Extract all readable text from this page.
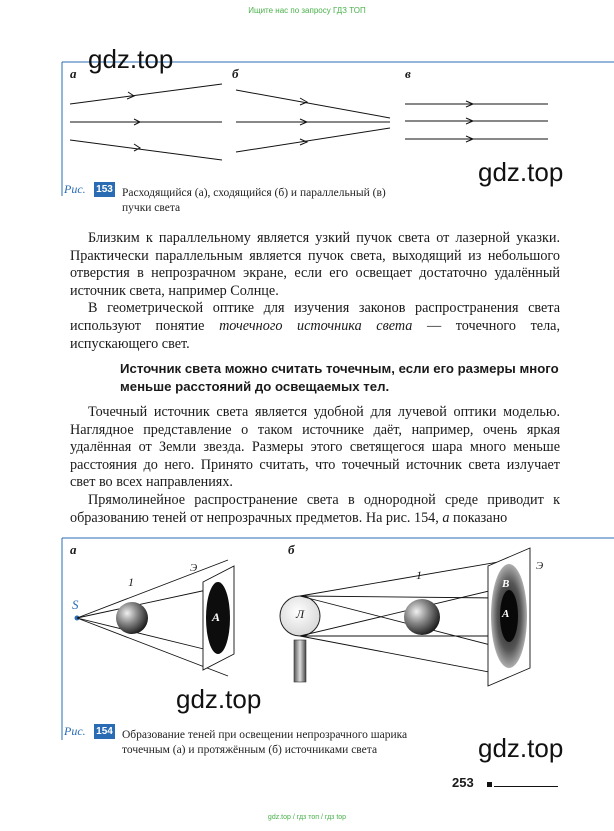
Ищите нас по запросу ГДЗ ТОП
а	б	в
gdz.top
gdz.top
Рис. 153 Расходящийся (а), сходящийся (б) и параллельный (в)
пучки света

Близким к параллельному является узкий пучок света от лазерной указки. Практически параллельным является пучок света, выходящий из небольшого отверстия в непрозрачном экране, если его освещает достаточно удалённый источник света, например Солнце.

В геометрической оптике для изучения законов распространения света используют понятие точечного источника света — точечного тела, испускающего свет.

Источник света можно считать точечным, если его размеры много меньше расстояний до освещаемых тел.

Точечный источник света является удобной для лучевой оптики моделью. Наглядное представление о таком источнике даёт, например, очень яркая удалённая от Земли звезда. Размеры этого светящегося шара много меньше расстояния до него. Принято считать, что точечный источник света излучает свет во всех направлениях.

Прямолинейное распространение света в однородной среде приводит к образованию теней от непрозрачных предметов. На рис. 154, а показано

а	б
S
1
Э
А	Л
1
Э
В
А
gdz.top
gdz.top
Рис. 154 Образование теней при освещении непрозрачного шарика
точечным (а) и протяжённым (б) источниками света
253
gdz.top / гдз топ / гдз top
